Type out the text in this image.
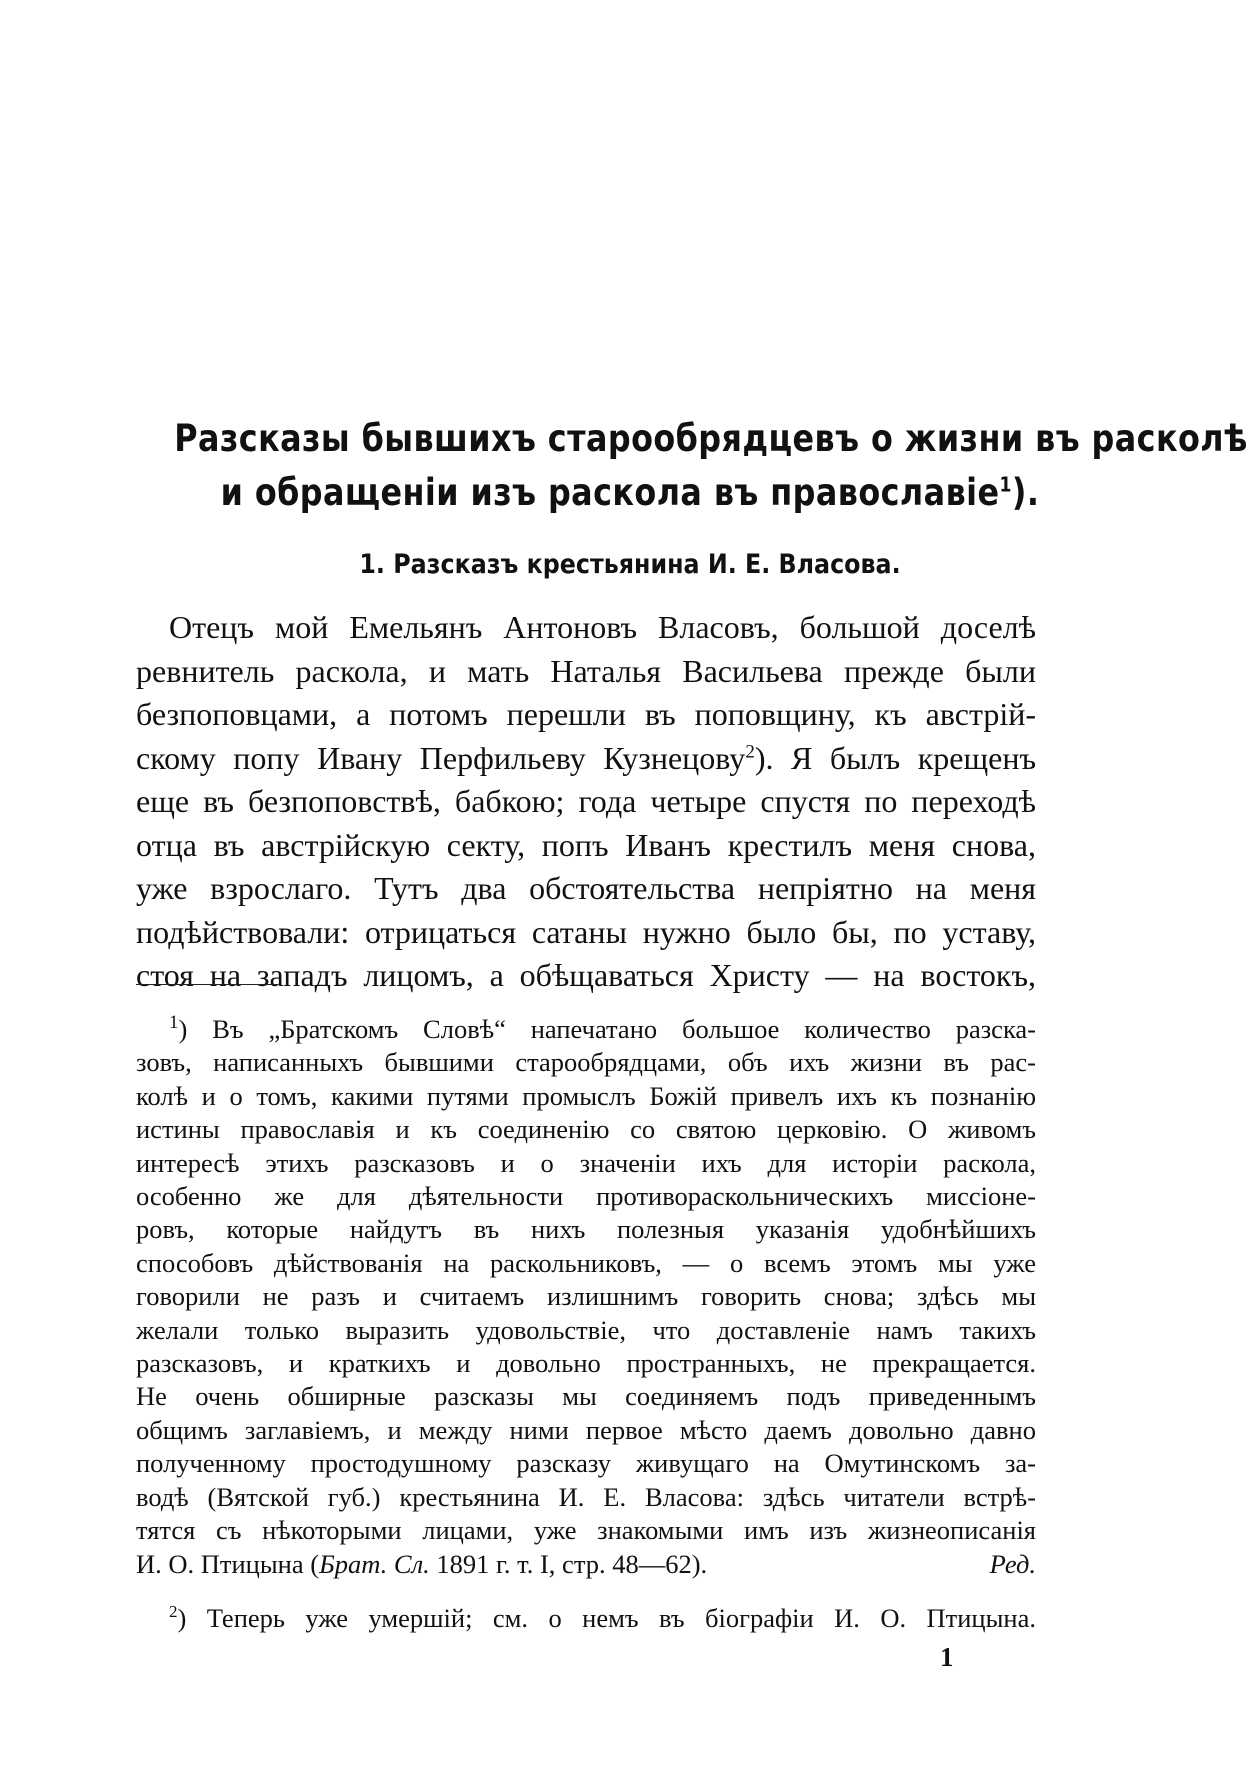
Разсказы бывшихъ старообрядцевъ о жизни въ расколѣ
и обращеніи изъ раскола въ православіе$^1$).
1. Разсказъ крестьянина И. Е. Власова.
Отецъ мой Емельянъ Антоновъ Власовъ, большой доселѣ
ревнитель раскола, и мать Наталья Васильева прежде были
безпоповцами, а потомъ перешли въ поповщину, къ австрій-
скому попу Ивану Перфильеву Кузнецову$^2$). Я былъ крещенъ
еще въ безпоповствѣ, бабкою; года четыре спустя по переходѣ
отца въ австрійскую секту, попъ Иванъ крестилъ меня снова,
уже взрослаго. Тутъ два обстоятельства непріятно на меня
подѣйствовали: отрицаться сатаны нужно было бы, по уставу,
стоя на западъ лицомъ, а обѣщаваться Христу — на востокъ,
$^1$) Въ „Братскомъ Словѣ“ напечатано большое количество разска-
зовъ, написанныхъ бывшими старообрядцами, объ ихъ жизни въ рас-
колѣ и о томъ, какими путями промыслъ Божій привелъ ихъ къ познанію
истины православія и къ соединенію со святою церковію. О живомъ
интересѣ этихъ разсказовъ и о значеніи ихъ для исторіи раскола,
особенно же для дѣятельности противораскольническихъ миссіоне-
ровъ, которые найдутъ въ нихъ полезныя указанія удобнѣйшихъ
способовъ дѣйствованія на раскольниковъ, — о всемъ этомъ мы уже
говорили не разъ и считаемъ излишнимъ говорить снова; здѣсь мы
желали только выразить удовольствіе, что доставленіе намъ такихъ
разсказовъ, и краткихъ и довольно пространныхъ, не прекращается.
Не очень обширные разсказы мы соединяемъ подъ приведеннымъ
общимъ заглавіемъ, и между ними первое мѣсто даемъ довольно давно
полученному простодушному разсказу живущаго на Омутинскомъ за-
водѣ (Вятской губ.) крестьянина И. Е. Власова: здѣсь читатели встрѣ-
тятся съ нѣкоторыми лицами, уже знакомыми имъ изъ жизнеописанія
И. О. Птицына (Брат. Сл. 1891 г. т. I, стр. 48—62).	Ред.
$^2$) Теперь уже умершій; см. о немъ въ біографіи И. О. Птицына.
1
